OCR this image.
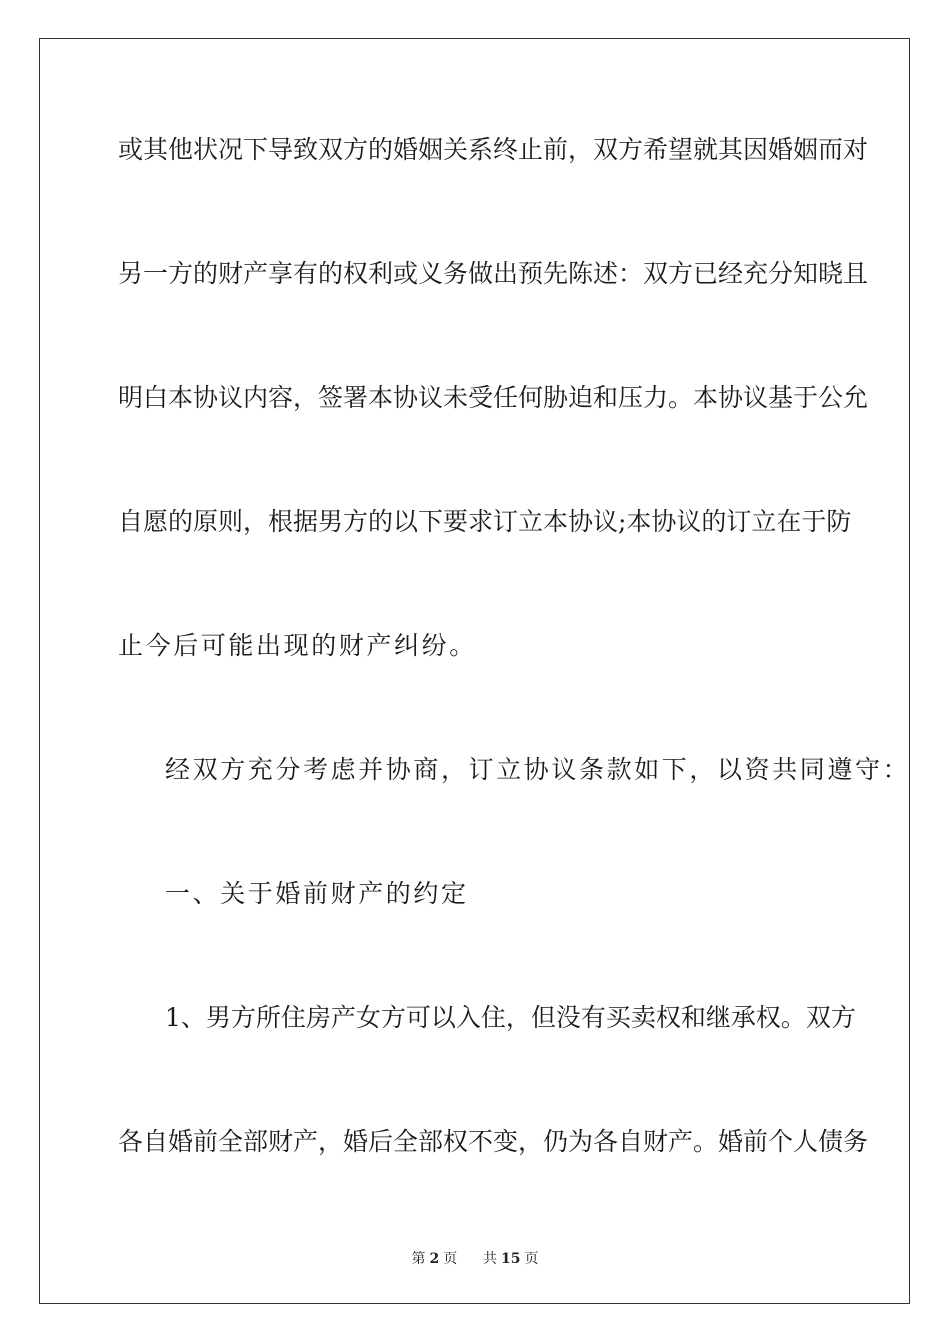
或其他状况下导致双方的婚姻关系终止前，双方希望就其因婚姻而对
另一方的财产享有的权利或义务做出预先陈述：双方已经充分知晓且
明白本协议内容，签署本协议未受任何胁迫和压力。本协议基于公允
自愿的原则，根据男方的以下要求订立本协议;本协议的订立在于防
止今后可能出现的财产纠纷。
经双方充分考虑并协商，订立协议条款如下，以资共同遵守：
一、关于婚前财产的约定
1、男方所住房产女方可以入住，但没有买卖权和继承权。双方
各自婚前全部财产，婚后全部权不变，仍为各自财产。婚前个人债务
第 2 页 共 15 页
